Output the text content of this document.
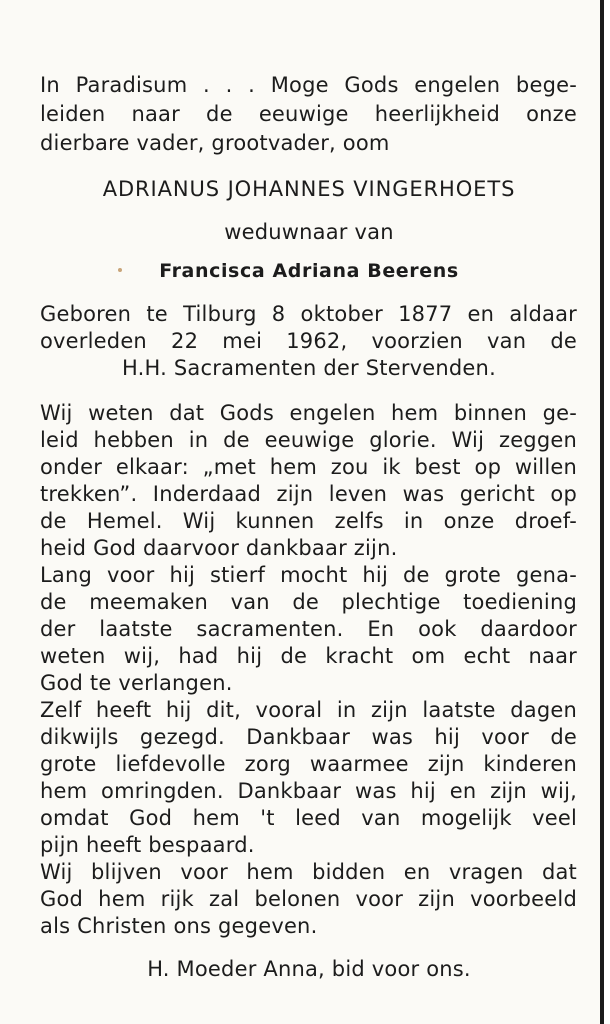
In Paradisum . . . Moge Gods engelen bege-
leiden naar de eeuwige heerlijkheid onze
dierbare vader, grootvader, oom
ADRIANUS JOHANNES VINGERHOETS
weduwnaar van
Francisca Adriana Beerens
Geboren te Tilburg 8 oktober 1877 en aldaar
overleden 22 mei 1962, voorzien van de
H.H. Sacramenten der Stervenden.
Wij weten dat Gods engelen hem binnen ge-
leid hebben in de eeuwige glorie. Wij zeggen
onder elkaar: „met hem zou ik best op willen
trekken”. Inderdaad zijn leven was gericht op
de Hemel. Wij kunnen zelfs in onze droef-
heid God daarvoor dankbaar zijn.
Lang voor hij stierf mocht hij de grote gena-
de meemaken van de plechtige toediening
der laatste sacramenten. En ook daardoor
weten wij, had hij de kracht om echt naar
God te verlangen.
Zelf heeft hij dit, vooral in zijn laatste dagen
dikwijls gezegd. Dankbaar was hij voor de
grote liefdevolle zorg waarmee zijn kinderen
hem omringden. Dankbaar was hij en zijn wij,
omdat God hem 't leed van mogelijk veel
pijn heeft bespaard.
Wij blijven voor hem bidden en vragen dat
God hem rijk zal belonen voor zijn voorbeeld
als Christen ons gegeven.
H. Moeder Anna, bid voor ons.
